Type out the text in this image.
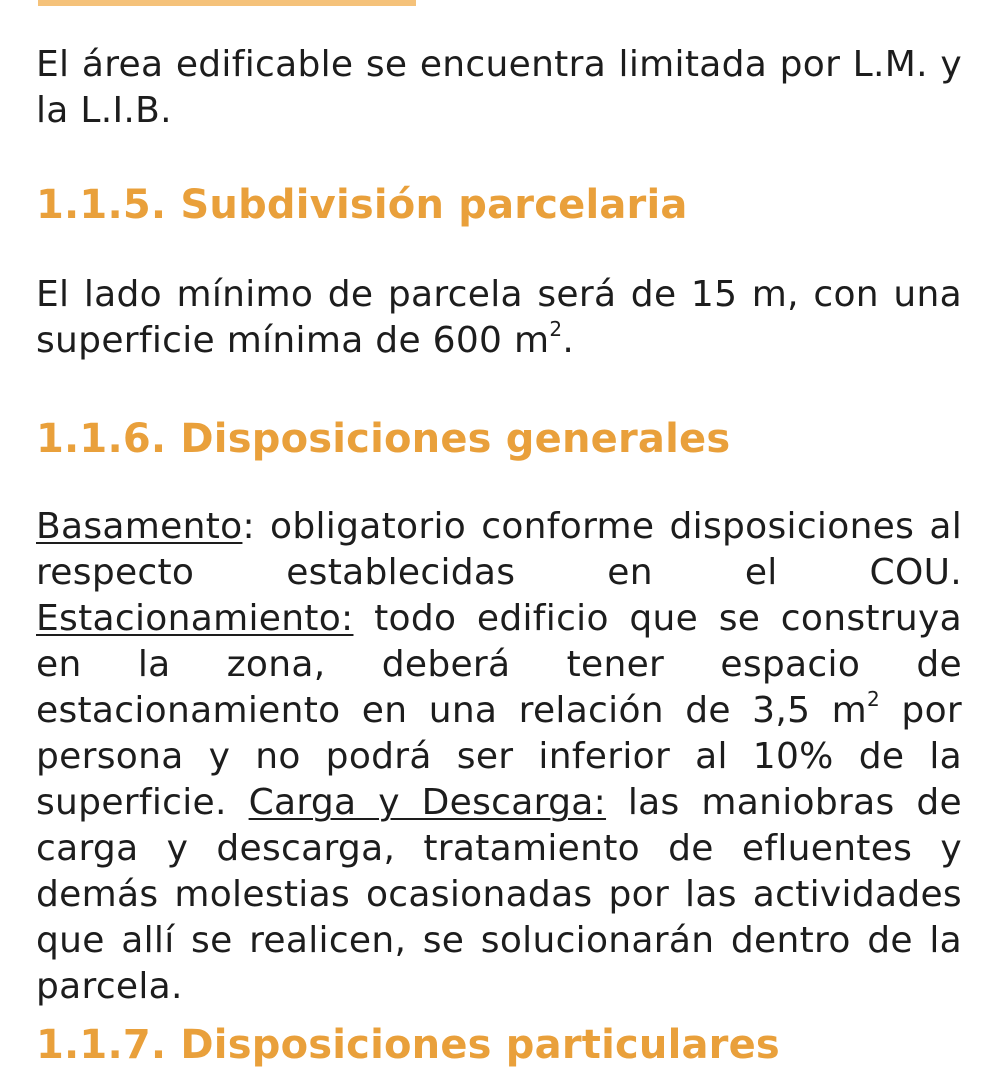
El área edificable se encuentra limitada por L.M. y la L.I.B.

1.1.5. Subdivisión parcelaria

El lado mínimo de parcela será de 15 m, con una superficie mínima de 600 $m^2$.

1.1.6. Disposiciones generales

Basamento: obligatorio conforme disposiciones al respecto establecidas en el COU. Estacionamiento: todo edificio que se construya en la zona, deberá tener espacio de estacionamiento en una relación de 3,5 $m^2$ por persona y no podrá ser inferior al 10% de la superficie. Carga y Descarga: las maniobras de carga y descarga, tratamiento de efluentes y demás molestias ocasionadas por las actividades que allí se realicen, se solucionarán dentro de la parcela.

1.1.7. Disposiciones particulares
